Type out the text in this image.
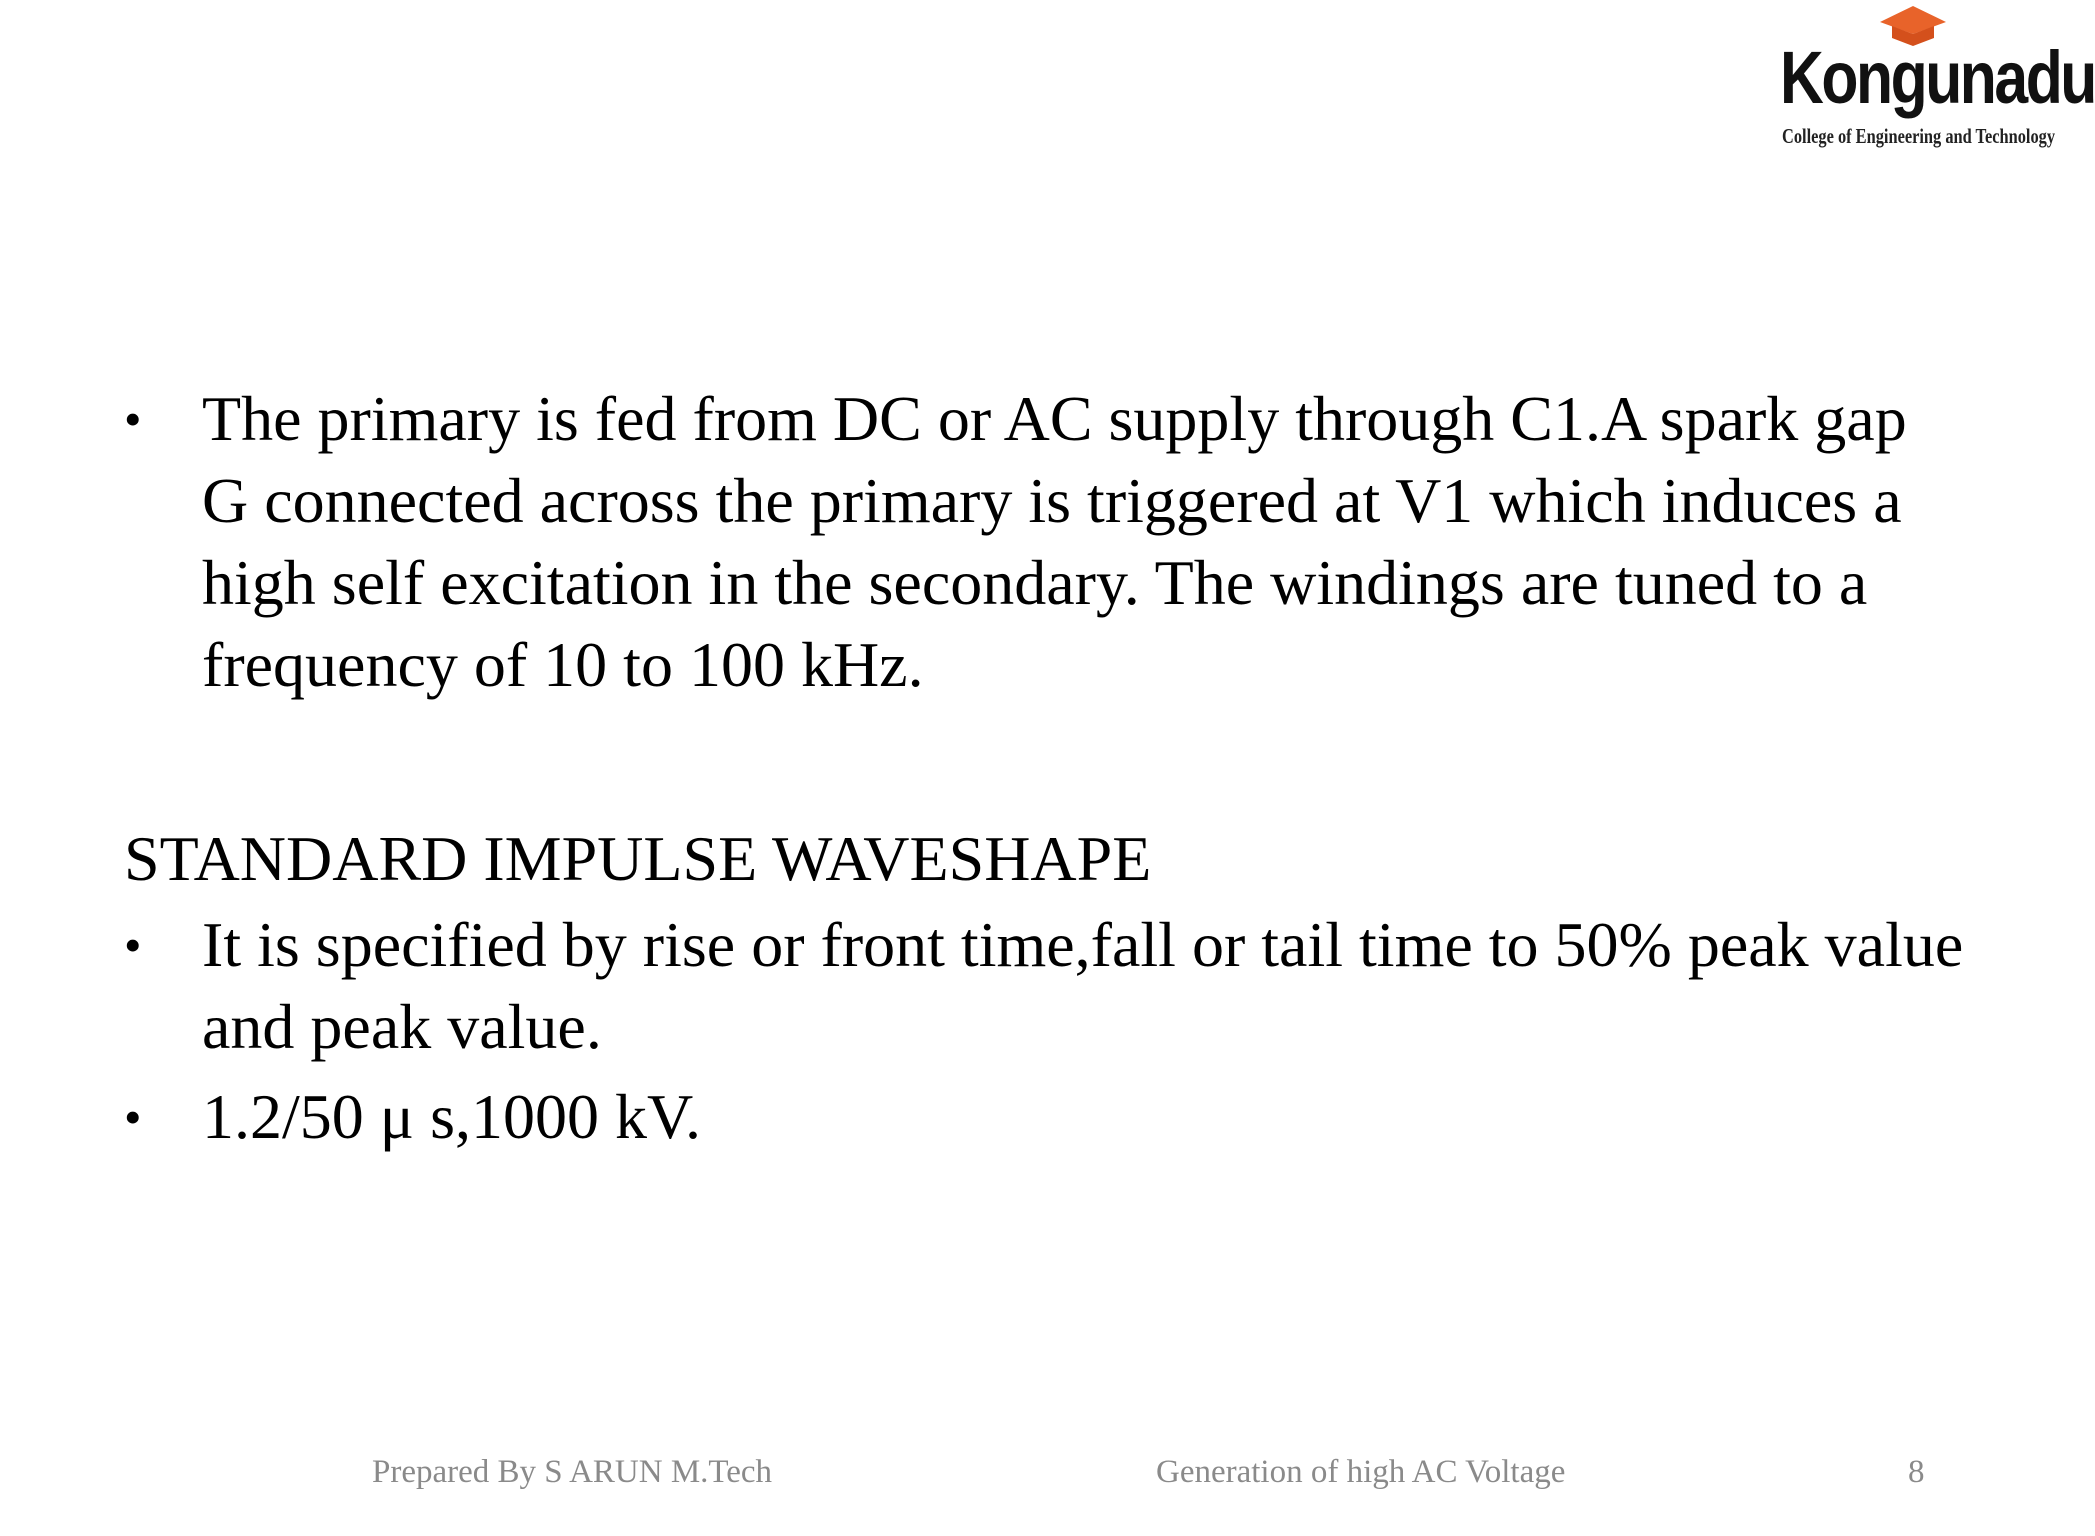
Kongunadu
College of Engineering and Technology
• The primary is fed from DC or AC supply through C1.A spark gap G connected across the primary is triggered at V1 which induces a high self excitation in the secondary. The windings are tuned to a frequency of 10 to 100 kHz.
STANDARD IMPULSE WAVESHAPE
• It is specified by rise or front time,fall or tail time to 50% peak value and peak value.
• 1.2/50 μ s,1000 kV.
Prepared By S ARUN M.Tech	Generation of high AC Voltage	8
